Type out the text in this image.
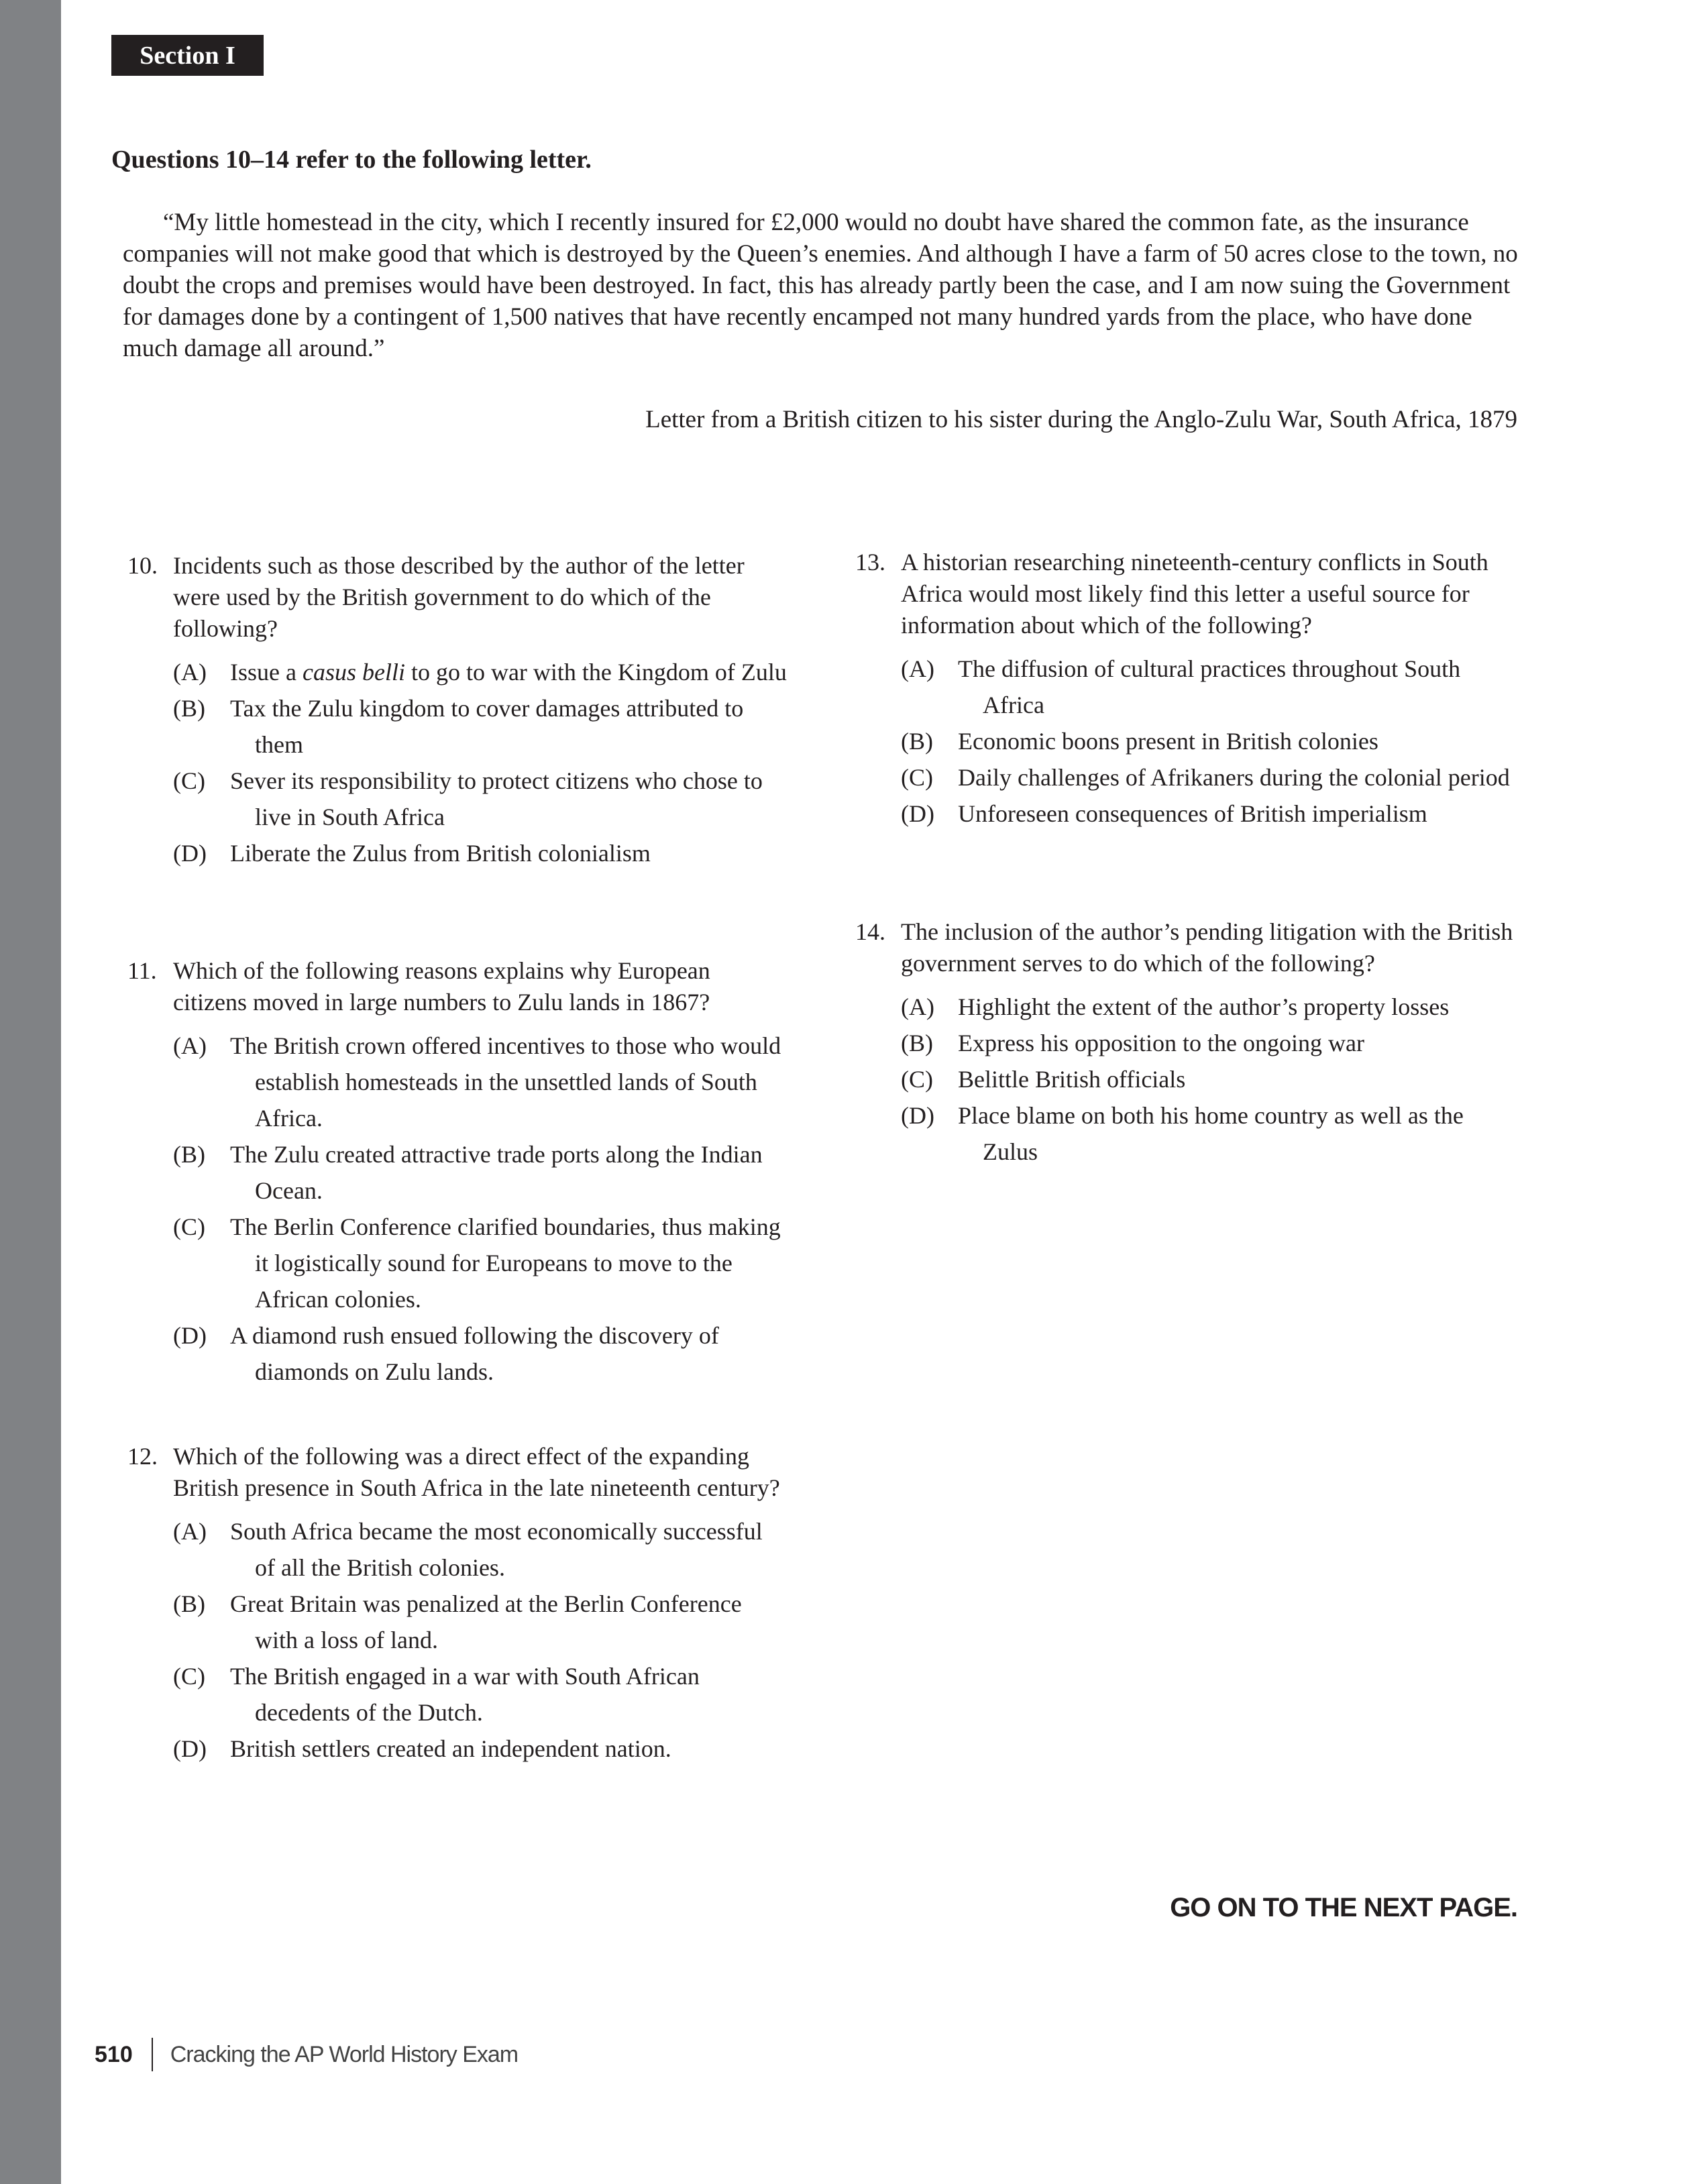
Section I
Questions 10–14 refer to the following letter.
“My little homestead in the city, which I recently insured for £2,000 would no doubt have shared the common fate, as the insurance companies will not make good that which is destroyed by the Queen’s enemies. And although I have a farm of 50 acres close to the town, no doubt the crops and premises would have been destroyed. In fact, this has already partly been the case, and I am now suing the Government for damages done by a contingent of 1,500 natives that have recently encamped not many hundred yards from the place, who have done much damage all around.”
Letter from a British citizen to his sister during the Anglo-Zulu War, South Africa, 1879
10. Incidents such as those described by the author of the letter were used by the British government to do which of the following?
(A) Issue a casus belli to go to war with the Kingdom of Zulu
(B)	Tax the Zulu kingdom to cover damages attributed to them
(C)	Sever its responsibility to protect citizens who chose to live in South Africa
(D) Liberate the Zulus from British colonialism
11. Which of the following reasons explains why European citizens moved in large numbers to Zulu lands in 1867?
(A) The British crown offered incentives to those who would establish homesteads in the unsettled lands of South Africa.
(B)	The Zulu created attractive trade ports along the Indian Ocean.
(C)	The Berlin Conference clarified boundaries, thus making it logistically sound for Europeans to move to the African colonies.
(D) A diamond rush ensued following the discovery of diamonds on Zulu lands.
12. Which of the following was a direct effect of the expanding British presence in South Africa in the late nineteenth century?
(A) South Africa became the most economically successful of all the British colonies.
(B)	Great Britain was penalized at the Berlin Conference with a loss of land.
(C)	The British engaged in a war with South African decedents of the Dutch.
(D) British settlers created an independent nation.
13. A historian researching nineteenth-century conflicts in South Africa would most likely find this letter a useful source for information about which of the following?
(A) The diffusion of cultural practices throughout South Africa
(B)	Economic boons present in British colonies
(C)	Daily challenges of Afrikaners during the colonial period
(D) Unforeseen consequences of British imperialism
14. The inclusion of the author’s pending litigation with the British government serves to do which of the following?
(A) Highlight the extent of the author’s property losses
(B)	Express his opposition to the ongoing war
(C)	Belittle British officials
(D) Place blame on both his home country as well as the Zulus
GO ON TO THE NEXT PAGE.
510 Cracking the AP World History Exam
